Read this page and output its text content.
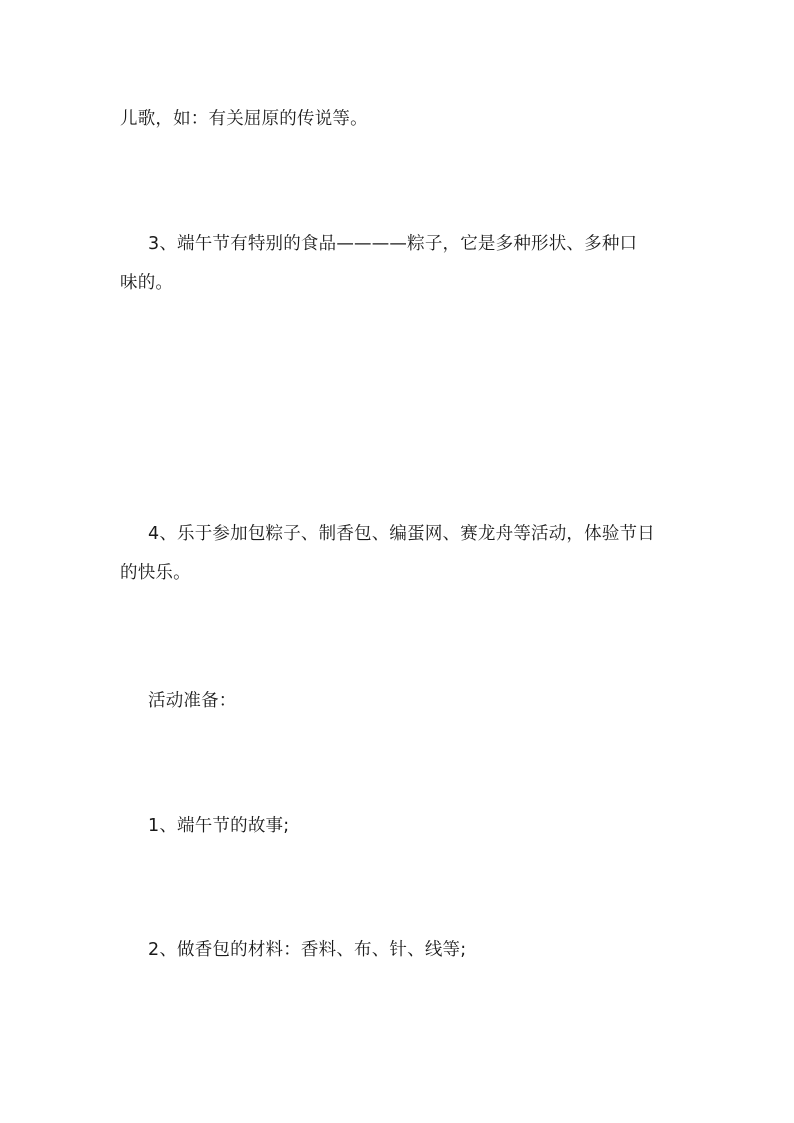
儿歌，如：有关屈原的传说等。

3、端午节有特别的食品————粽子，它是多种形状、多种口
味的。

4、乐于参加包粽子、制香包、编蛋网、赛龙舟等活动，体验节日
的快乐。

活动准备：

1、端午节的故事;

2、做香包的材料：香料、布、针、线等;
